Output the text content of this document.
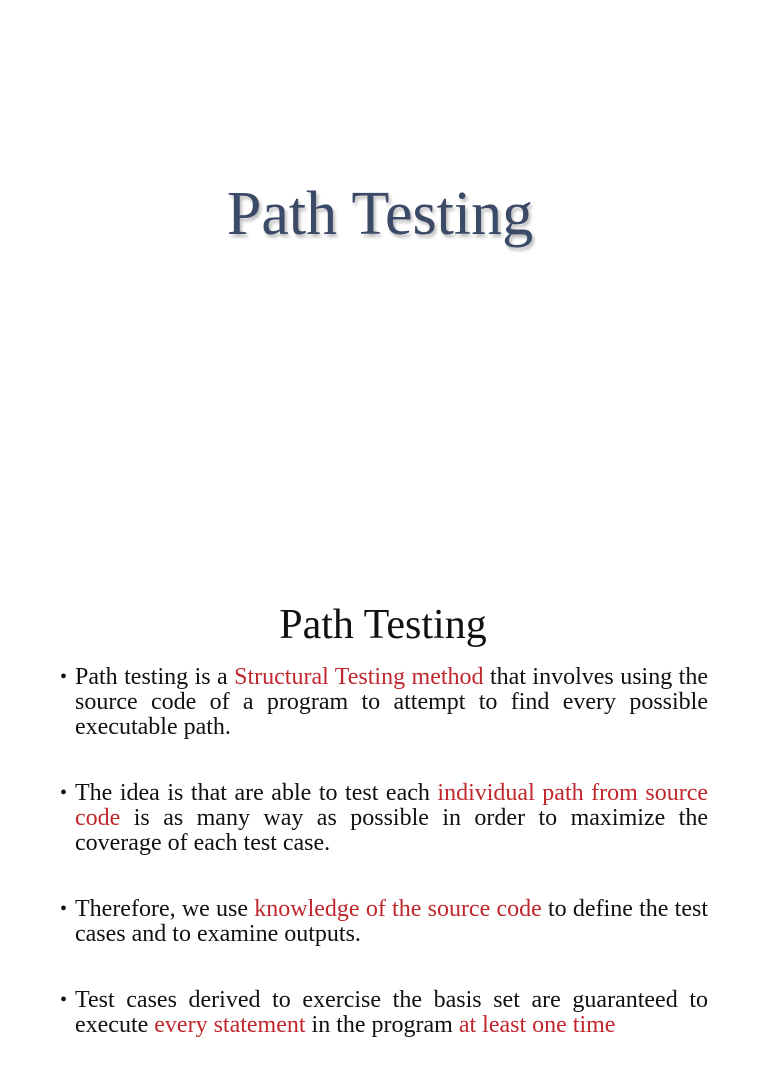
Path Testing
Path Testing
• Path testing is a Structural Testing method that involves using the source code of a program to attempt to find every possible executable path.
• The idea is that are able to test each individual path from source code is as many way as possible in order to maximize the coverage of each test case.
• Therefore, we use knowledge of the source code to define the test cases and to examine outputs.
• Test cases derived to exercise the basis set are guaranteed to execute every statement in the program at least one time
